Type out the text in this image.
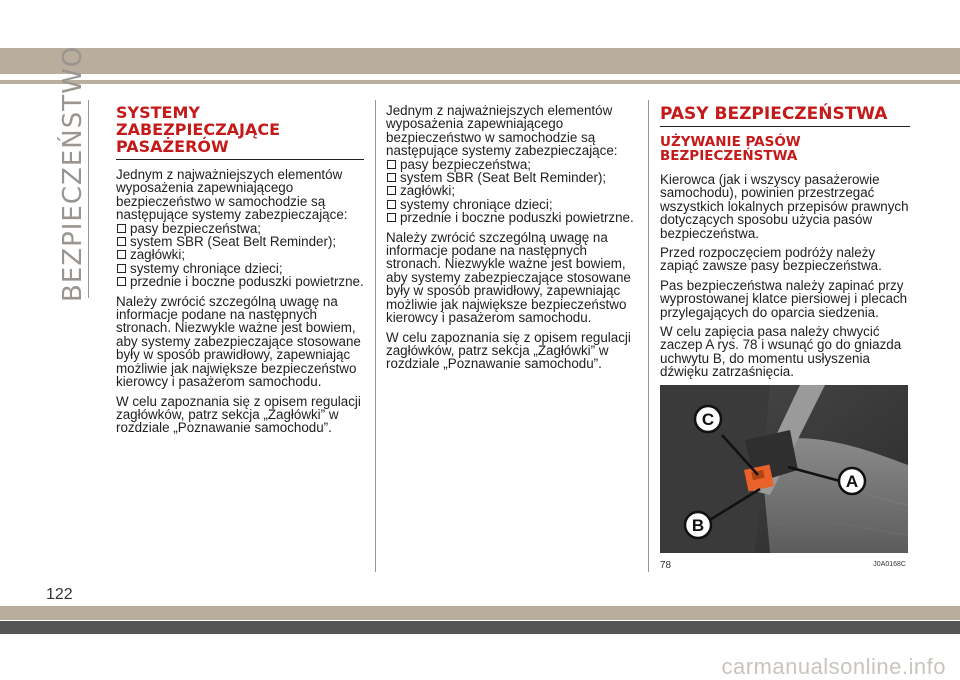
BEZPIECZEŃSTWO SYSTEMY ZABEZPIECZAJĄCE PASAŻERÓW

Jednym z najważniejszych elementów wyposażenia zapewniającego bezpieczeństwo w samochodzie są następujące systemy zabezpieczające:

pasy bezpieczeństwa;
system SBR (Seat Belt Reminder);
zagłówki;
systemy chroniące dzieci;
przednie i boczne poduszki powietrzne.

Należy zwrócić szczególną uwagę na informacje podane na następnych stronach. Niezwykle ważne jest bowiem, aby systemy zabezpieczające stosowane były w sposób prawidłowy, zapewniając możliwie jak największe bezpieczeństwo kierowcy i pasażerom samochodu.

W celu zapoznania się z opisem regulacji zagłówków, patrz sekcja „Zagłówki” w rozdziale „Poznawanie samochodu”.

Jednym z najważniejszych elementów wyposażenia zapewniającego bezpieczeństwo w samochodzie są następujące systemy zabezpieczające:

pasy bezpieczeństwa;
system SBR (Seat Belt Reminder);
zagłówki;
systemy chroniące dzieci;
przednie i boczne poduszki powietrzne.

Należy zwrócić szczególną uwagę na informacje podane na następnych stronach. Niezwykle ważne jest bowiem, aby systemy zabezpieczające stosowane były w sposób prawidłowy, zapewniając możliwie jak największe bezpieczeństwo kierowcy i pasażerom samochodu.

W celu zapoznania się z opisem regulacji zagłówków, patrz sekcja „Zagłówki” w rozdziale „Poznawanie samochodu”.

PASY BEZPIECZEŃSTWA
UŻYWANIE PASÓW BEZPIECZEŃSTWA

Kierowca (jak i wszyscy pasażerowie samochodu), powinien przestrzegać wszystkich lokalnych przepisów prawnych dotyczących sposobu użycia pasów bezpieczeństwa.

Przed rozpoczęciem podróży należy zapiąć zawsze pasy bezpieczeństwa.

Pas bezpieczeństwa należy zapinać przy wyprostowanej klatce piersiowej i plecach przylegających do oparcia siedzenia.

W celu zapięcia pasa należy chwycić zaczep A rys. 78 i wsunąć go do gniazda uchwytu B, do momentu usłyszenia dźwięku zatrzaśnięcia.

C
A
B
78	J0A0168C
122
carmanualsonline.info
